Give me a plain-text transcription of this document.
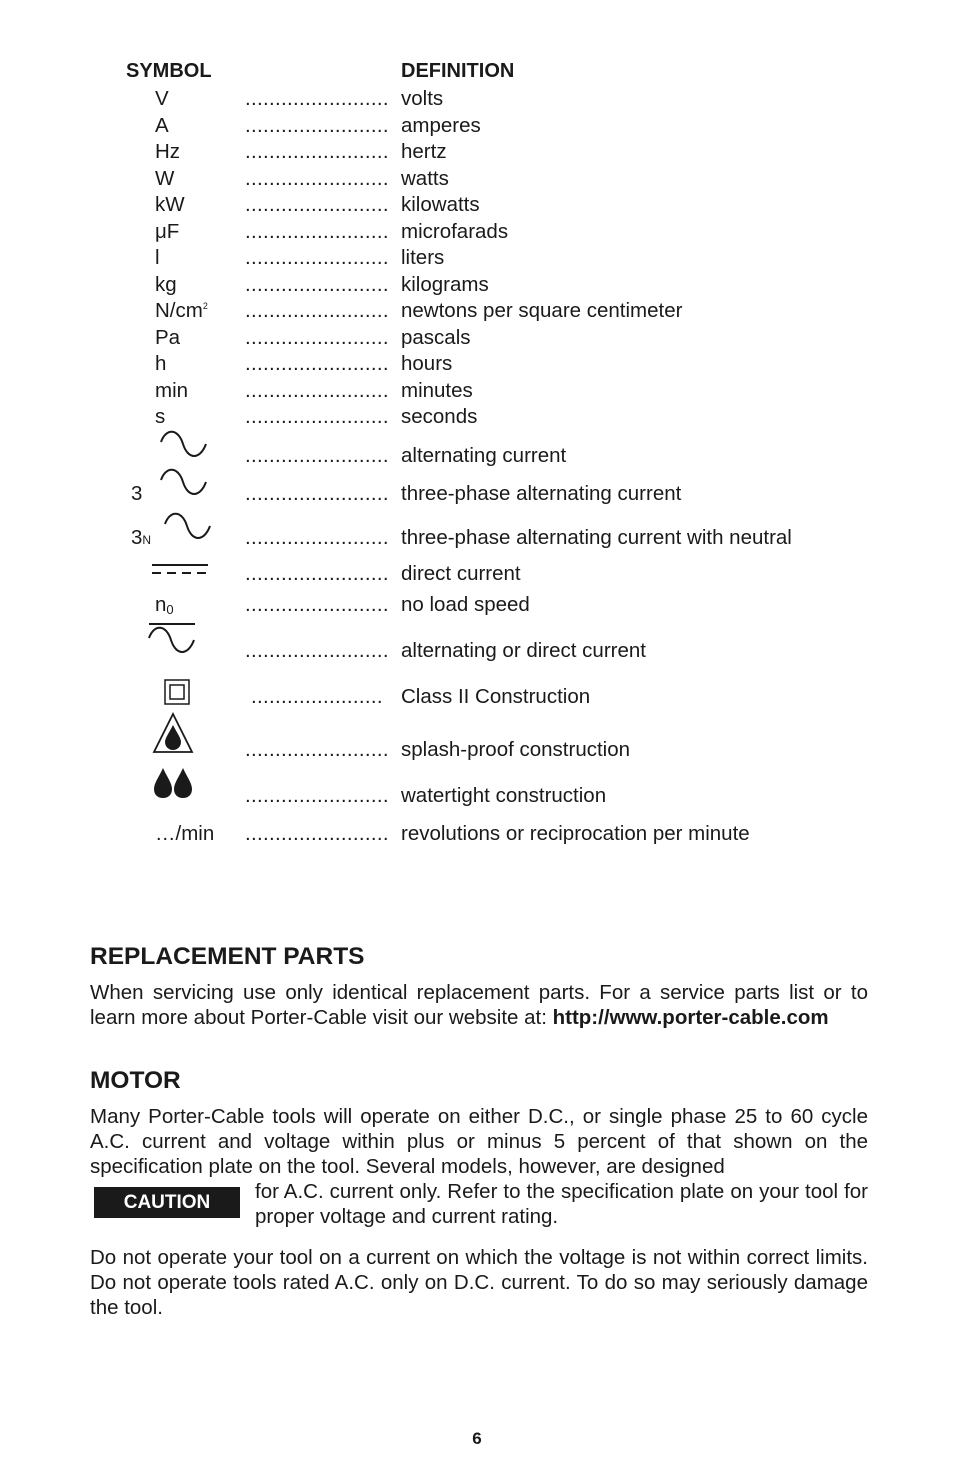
SYMBOL	DEFINITION
V	........................ volts
A	........................ amperes
Hz	........................ hertz
W	........................ watts
kW	........................ kilowatts
μF	........................ microfarads
l	........................ liters
kg	........................ kilograms
$N/cm^2$ ........................ newtons per square centimeter
Pa	........................ pascals
h	........................ hours
min	........................ minutes
s	........................ seconds
........................ alternating current
3	........................ three-phase alternating current
3N	........................ three-phase alternating current with neutral
........................ direct current
n0	........................ no load speed
........................ alternating or direct current
...................... Class II Construction
........................ splash-proof construction
........................ watertight construction
…/min ........................ revolutions or reciprocation per minute
REPLACEMENT PARTS

When servicing use only identical replacement parts. For a service parts list or to learn more about Porter-Cable visit our website at: http://www.porter-cable.com

MOTOR

Many Porter-Cable tools will operate on either D.C., or single phase 25 to 60 cycle A.C. current and voltage within plus or minus 5 percent of that shown on the specification plate on the tool. Several models, however, are designed

CAUTION	for A.C. current only. Refer to the specification plate on your tool for proper voltage and current rating.

Do not operate your tool on a current on which the voltage is not within correct limits. Do not operate tools rated A.C. only on D.C. current. To do so may seriously damage the tool.

6
